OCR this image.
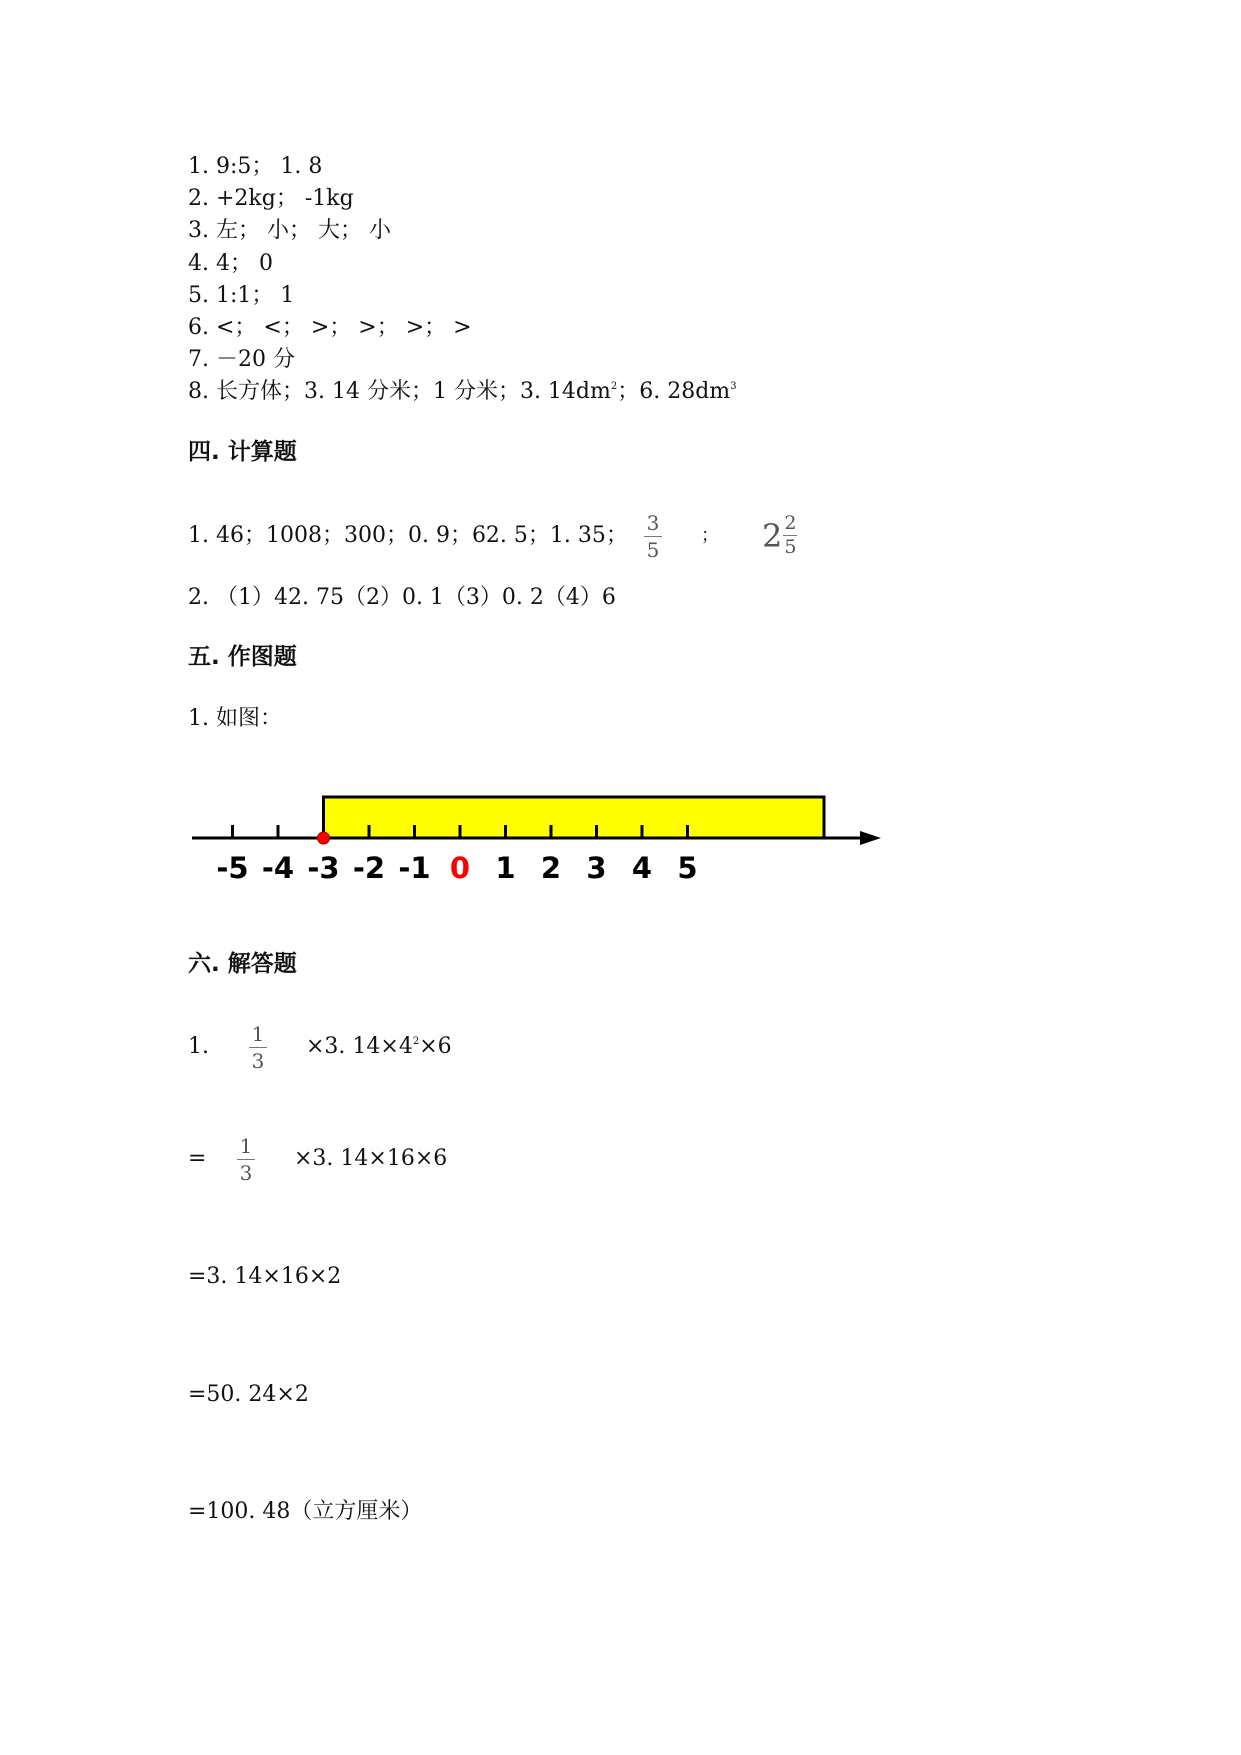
1. 9:5； 1. 8
2. +2kg； -1kg
3. 左； 小； 大； 小
4. 4； 0
5. 1:1； 1
6. <； <； >； >； >； >
7. －20 分
8. 长方体；3. 14 分米；1 分米；3. $14dm^2$；6. $28dm^3$
四. 计算题
1. 46；1008；300；0. 9；62. 5；1. 35； 3
5
； 2 2
5
2. （1）42. 75（2）0. 1（3）0. 2（4）6
五. 作图题
1. 如图：
-5 -4 -3 -2 -1 0 1 2 3 4 5
六. 解答题
1. 1
3
×3. $14\times 4^2\times 6$
= 1
3
×3. 14×16×6
=3. 14×16×2
=50. 24×2
=100. 48（立方厘米）
